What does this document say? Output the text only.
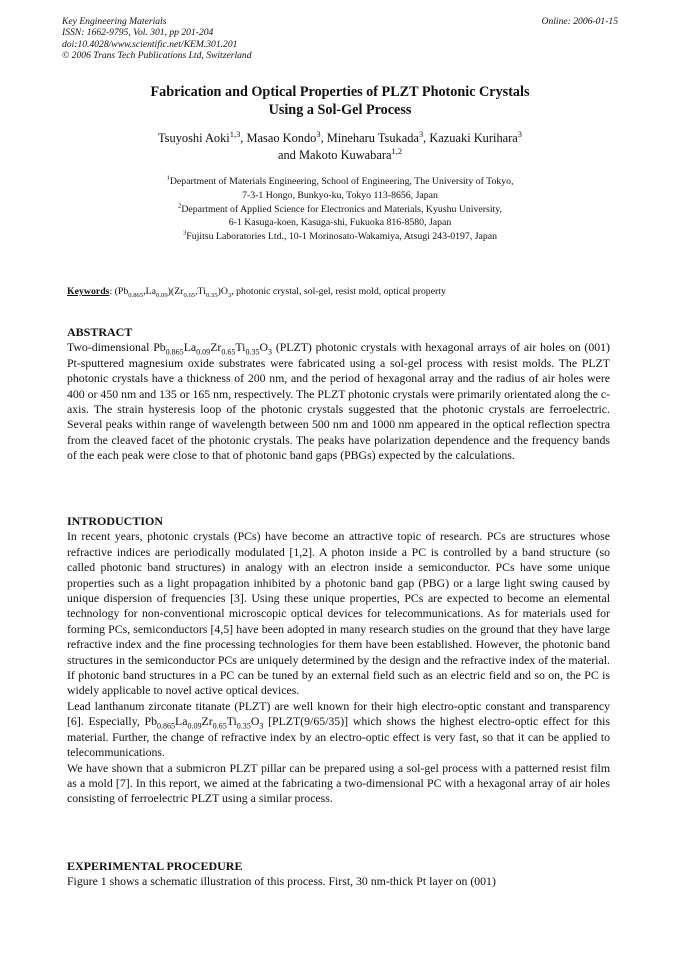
Key Engineering Materials
ISSN: 1662-9795, Vol. 301, pp 201-204
doi:10.4028/www.scientific.net/KEM.301.201
© 2006 Trans Tech Publications Ltd, Switzerland
Online: 2006-01-15
Fabrication and Optical Properties of PLZT Photonic Crystals
Using a Sol-Gel Process
Tsuyoshi Aoki$^{1,3}$, Masao Kondo$^3$, Mineharu Tsukada$^3$, Kazuaki Kurihara$^3$
and Makoto Kuwabara$^{1,2}$
$^1$Department of Materials Engineering, School of Engineering, The University of Tokyo,
7-3-1 Hongo, Bunkyo-ku, Tokyo 113-8656, Japan
$^2$Department of Applied Science for Electronics and Materials, Kyushu University,
6-1 Kasuga-koen, Kasuga-shi, Fukuoka 816-8580, Japan
$^3$Fujitsu Laboratories Ltd., 10-1 Morinosato-Wakamiya, Atsugi 243-0197, Japan
Keywords: $(Pb_{0.865},La_{0.09})(Zr_{0.65},Ti_{0.35})O_3$, photonic crystal, sol-gel, resist mold, optical property
ABSTRACT

Two-dimensional $Pb_{0.865}La_{0.09}Zr_{0.65}Ti_{0.35}O_3$ (PLZT) photonic crystals with hexagonal arrays of air holes on (001) Pt-sputtered magnesium oxide substrates were fabricated using a sol-gel process with resist molds. The PLZT photonic crystals have a thickness of 200 nm, and the period of hexagonal array and the radius of air holes were 400 or 450 nm and 135 or 165 nm, respectively. The PLZT photonic crystals were primarily orientated along the c-axis. The strain hysteresis loop of the photonic crystals suggested that the photonic crystals are ferroelectric. Several peaks within range of wavelength between 500 nm and 1000 nm appeared in the optical reflection spectra from the cleaved facet of the photonic crystals. The peaks have polarization dependence and the frequency bands of the each peak were close to that of photonic band gaps (PBGs) expected by the calculations.

INTRODUCTION

In recent years, photonic crystals (PCs) have become an attractive topic of research. PCs are structures whose refractive indices are periodically modulated [1,2]. A photon inside a PC is controlled by a band structure (so called photonic band structures) in analogy with an electron inside a semiconductor. PCs have some unique properties such as a light propagation inhibited by a photonic band gap (PBG) or a large light swing caused by unique dispersion of frequencies [3]. Using these unique properties, PCs are expected to become an elemental technology for non-conventional microscopic optical devices for telecommunications. As for materials used for forming PCs, semiconductors [4,5] have been adopted in many research studies on the ground that they have large refractive index and the fine processing technologies for them have been established. However, the photonic band structures in the semiconductor PCs are uniquely determined by the design and the refractive index of the material. If photonic band structures in a PC can be tuned by an external field such as an electric field and so on, the PC is widely applicable to novel active optical devices.

Lead lanthanum zirconate titanate (PLZT) are well known for their high electro-optic constant and transparency [6]. Especially, $Pb_{0.865}La_{0.09}Zr_{0.65}Ti_{0.35}O_3$ [PLZT(9/65/35)] which shows the highest electro-optic effect for this material. Further, the change of refractive index by an electro-optic effect is very fast, so that it can be applied to telecommunications.

We have shown that a submicron PLZT pillar can be prepared using a sol-gel process with a patterned resist film as a mold [7]. In this report, we aimed at the fabricating a two-dimensional PC with a hexagonal array of air holes consisting of ferroelectric PLZT using a similar process.

EXPERIMENTAL PROCEDURE

Figure 1 shows a schematic illustration of this process. First, 30 nm-thick Pt layer on (001)
